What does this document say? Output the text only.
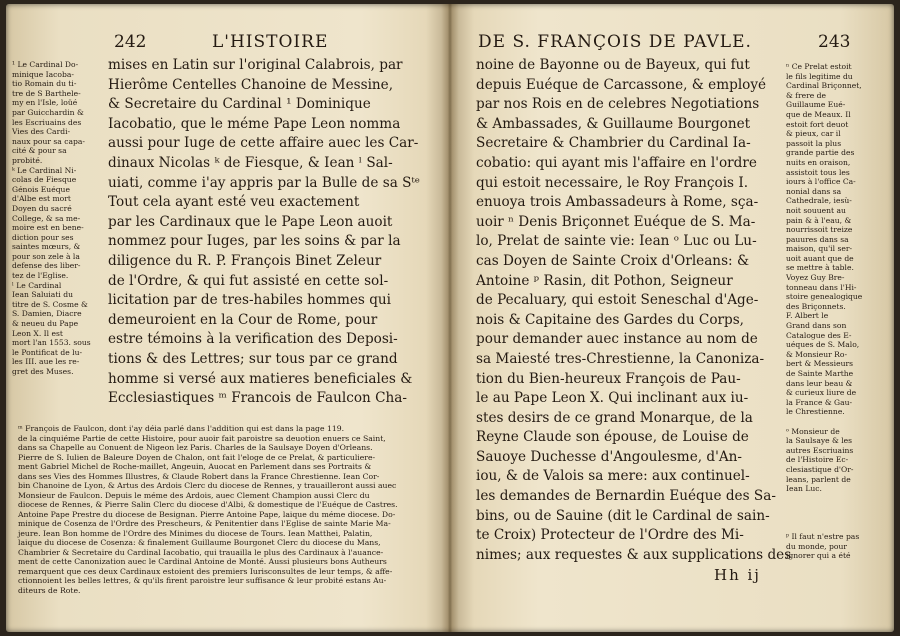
242	L'HISTOIRE
¹ Le Cardinal Do-
minique Iacoba-
tio Romain du ti-
tre de S Barthele-
my en l'Isle, loüé
par Guicchardin &
les Escriuains des
Vies des Cardi-
naux pour sa capa-
cité & pour sa
probité.
ᵏ Le Cardinal Ni-
colas de Fiesque
Génois Euéque
d'Albe est mort
Doyen du sacré
College, & sa me-
moire est en bene-
diction pour ses
saintes mœurs, &
pour son zele à la
defense des liber-
tez de l'Eglise.
ˡ Le Cardinal
Iean Saluiati du
titre de S. Cosme &
S. Damien, Diacre
& neueu du Pape
Leon X. Il est
mort l'an 1553. sous
le Pontificat de lu-
les III. aue les re-
gret des Muses.
mises en Latin sur l'original Calabrois, par
Hierôme Centelles Chanoine de Messine,
& Secretaire du Cardinal ¹ Dominique
Iacobatio, que le méme Pape Leon nomma
aussi pour Iuge de cette affaire auec les Car-
dinaux Nicolas ᵏ de Fiesque, & Iean ˡ Sal-
uiati, comme i'ay appris par la Bulle de sa Sᵗᵉ
Tout cela ayant esté veu exactement
par les Cardinaux que le Pape Leon auoit
nommez pour Iuges, par les soins & par la
diligence du R. P. François Binet Zeleur
de l'Ordre, & qui fut assisté en cette sol-
licitation par de tres-habiles hommes qui
demeuroient en la Cour de Rome, pour
estre témoins à la verification des Deposi-
tions & des Lettres; sur tous par ce grand
homme si versé aux matieres beneficiales &
Ecclesiastiques ᵐ Francois de Faulcon Cha-
ᵐ François de Faulcon, dont i'ay déia parlé dans l'addition qui est dans la page 119.
de la cinquiéme Partie de cette Histoire, pour auoir fait paroistre sa deuotion enuers ce Saint,
dans sa Chapelle au Conuent de Nigeon lez Paris. Charles de la Saulsaye Doyen d'Orleans.
Pierre de S. Iulien de Baleure Doyen de Chalon, ont fait l'eloge de ce Prelat, & particuliere-
ment Gabriel Michel de Roche-maillet, Angeuin, Auocat en Parlement dans ses Portraits &
dans ses Vies des Hommes Illustres, & Claude Robert dans la France Chrestienne. Iean Cor-
bin Chanoine de Lyon, & Artus des Ardois Clerc du diocese de Rennes, y trauailleront aussi auec
Monsieur de Faulcon. Depuis le méme des Ardois, auec Clement Champion aussi Clerc du
diocese de Rennes, & Pierre Salin Clerc du diocese d'Albi, & domestique de l'Euéque de Castres.
Antoine Pape Prestre du diocese de Besignan. Pierre Antoine Pape, laique du méme diocese. Do-
minique de Cosenza de l'Ordre des Prescheurs, & Penitentier dans l'Eglise de sainte Marie Ma-
jeure. Iean Bon homme de l'Ordre des Minimes du diocese de Tours. Iean Matthei, Palatin,
laique du diocese de Cosenza: & finalement Guillaume Bourgonet Clerc du diocese du Mans,
Chambrier & Secretaire du Cardinal Iacobatio, qui trauailla le plus des Cardinaux à l'auance-
ment de cette Canonization auec le Cardinal Antoine de Monté. Aussi plusieurs bons Autheurs
remarquent que ces deux Cardinaux estoient des premiers Iurisconsultes de leur temps, & affe-
ctionnoient les belles lettres, & qu'ils firent paroistre leur suffisance & leur probité estans Au-
diteurs de Rote.
DE S. FRANÇOIS DE PAVLE.	243
noine de Bayonne ou de Bayeux, qui fut
depuis Euéque de Carcassone, & employé
par nos Rois en de celebres Negotiations
& Ambassades, & Guillaume Bourgonet
Secretaire & Chambrier du Cardinal Ia-
cobatio: qui ayant mis l'affaire en l'ordre
qui estoit necessaire, le Roy François I.
enuoya trois Ambassadeurs à Rome, sça-
uoir ⁿ Denis Briçonnet Euéque de S. Ma-
lo, Prelat de sainte vie: Iean ᵒ Luc ou Lu-
cas Doyen de Sainte Croix d'Orleans: &
Antoine ᵖ Rasin, dit Pothon, Seigneur
de Pecaluary, qui estoit Seneschal d'Age-
nois & Capitaine des Gardes du Corps,
pour demander auec instance au nom de
sa Maiesté tres-Chrestienne, la Canoniza-
tion du Bien-heureux François de Pau-
le au Pape Leon X. Qui inclinant aux iu-
stes desirs de ce grand Monarque, de la
Reyne Claude son épouse, de Louise de
Sauoye Duchesse d'Angoulesme, d'An-
iou, & de Valois sa mere: aux continuel-
les demandes de Bernardin Euéque des Sa-
bins, ou de Sauine (dit le Cardinal de sain-
te Croix) Protecteur de l'Ordre des Mi-
nimes; aux requestes & aux supplications des
ⁿ Ce Prelat estoit
le fils legitime du
Cardinal Briçonnet,
& frere de
Guillaume Eué-
que de Meaux. Il
estoit fort deuot
& pieux, car il
passoit la plus
grande partie des
nuits en oraison,
assistoit tous les
iours à l'office Ca-
nonial dans sa
Cathedrale, iesù-
noit souuent au
pain & à l'eau, &
nourrissoit treize
pauures dans sa
maison, qu'il ser-
uoit auant que de
se mettre à table.
Voyez Guy Bre-
tonneau dans l'Hi-
stoire genealogique
des Briçonnets.
F. Albert le
Grand dans son
Catalogue des E-
uéques de S. Malo,
& Monsieur Ro-
bert & Messieurs
de Sainte Marthe
dans leur beau &
& curieux liure de
la France & Gau-
le Chrestienne.
ᵒ Monsieur de
la Saulsaye & les
autres Escriuains
de l'Histoire Ec-
clesiastique d'Or-
leans, parlent de
Iean Luc.
ᵖ Il faut n'estre pas
du monde, pour
ignorer qui a été
Hh ij
